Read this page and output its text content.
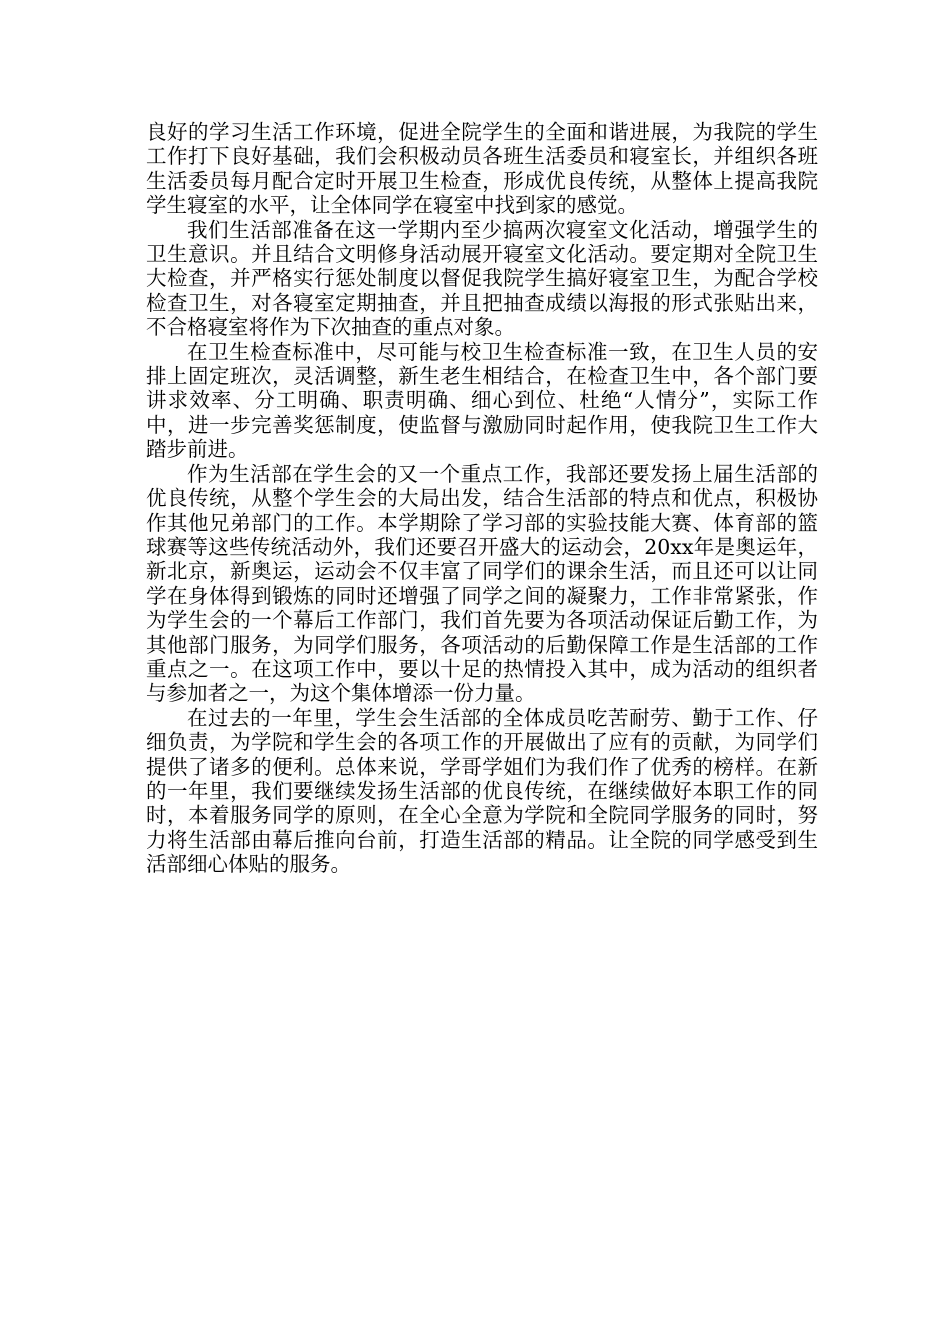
良好的学习生活工作环境，促进全院学生的全面和谐进展，为我院的学生工作打下良好基础，我们会积极动员各班生活委员和寝室长，并组织各班生活委员每月配合定时开展卫生检查，形成优良传统，从整体上提高我院学生寝室的水平，让全体同学在寝室中找到家的感觉。

我们生活部准备在这一学期内至少搞两次寝室文化活动，增强学生的卫生意识。并且结合文明修身活动展开寝室文化活动。要定期对全院卫生大检查，并严格实行惩处制度以督促我院学生搞好寝室卫生，为配合学校检查卫生，对各寝室定期抽查，并且把抽查成绩以海报的形式张贴出来，不合格寝室将作为下次抽查的重点对象。

在卫生检查标准中，尽可能与校卫生检查标准一致，在卫生人员的安排上固定班次，灵活调整，新生老生相结合，在检查卫生中，各个部门要讲求效率、分工明确、职责明确、细心到位、杜绝“人情分”，实际工作中，进一步完善奖惩制度，使监督与激励同时起作用，使我院卫生工作大踏步前进。

作为生活部在学生会的又一个重点工作，我部还要发扬上届生活部的优良传统，从整个学生会的大局出发，结合生活部的特点和优点，积极协作其他兄弟部门的工作。本学期除了学习部的实验技能大赛、体育部的篮球赛等这些传统活动外，我们还要召开盛大的运动会，20xx年是奥运年，新北京，新奥运，运动会不仅丰富了同学们的课余生活，而且还可以让同学在身体得到锻炼的同时还增强了同学之间的凝聚力，工作非常紧张，作为学生会的一个幕后工作部门，我们首先要为各项活动保证后勤工作，为其他部门服务，为同学们服务，各项活动的后勤保障工作是生活部的工作重点之一。在这项工作中，要以十足的热情投入其中，成为活动的组织者与参加者之一，为这个集体增添一份力量。

在过去的一年里，学生会生活部的全体成员吃苦耐劳、勤于工作、仔细负责，为学院和学生会的各项工作的开展做出了应有的贡献，为同学们提供了诸多的便利。总体来说，学哥学姐们为我们作了优秀的榜样。在新的一年里，我们要继续发扬生活部的优良传统，在继续做好本职工作的同时，本着服务同学的原则，在全心全意为学院和全院同学服务的同时，努力将生活部由幕后推向台前，打造生活部的精品。让全院的同学感受到生活部细心体贴的服务。
